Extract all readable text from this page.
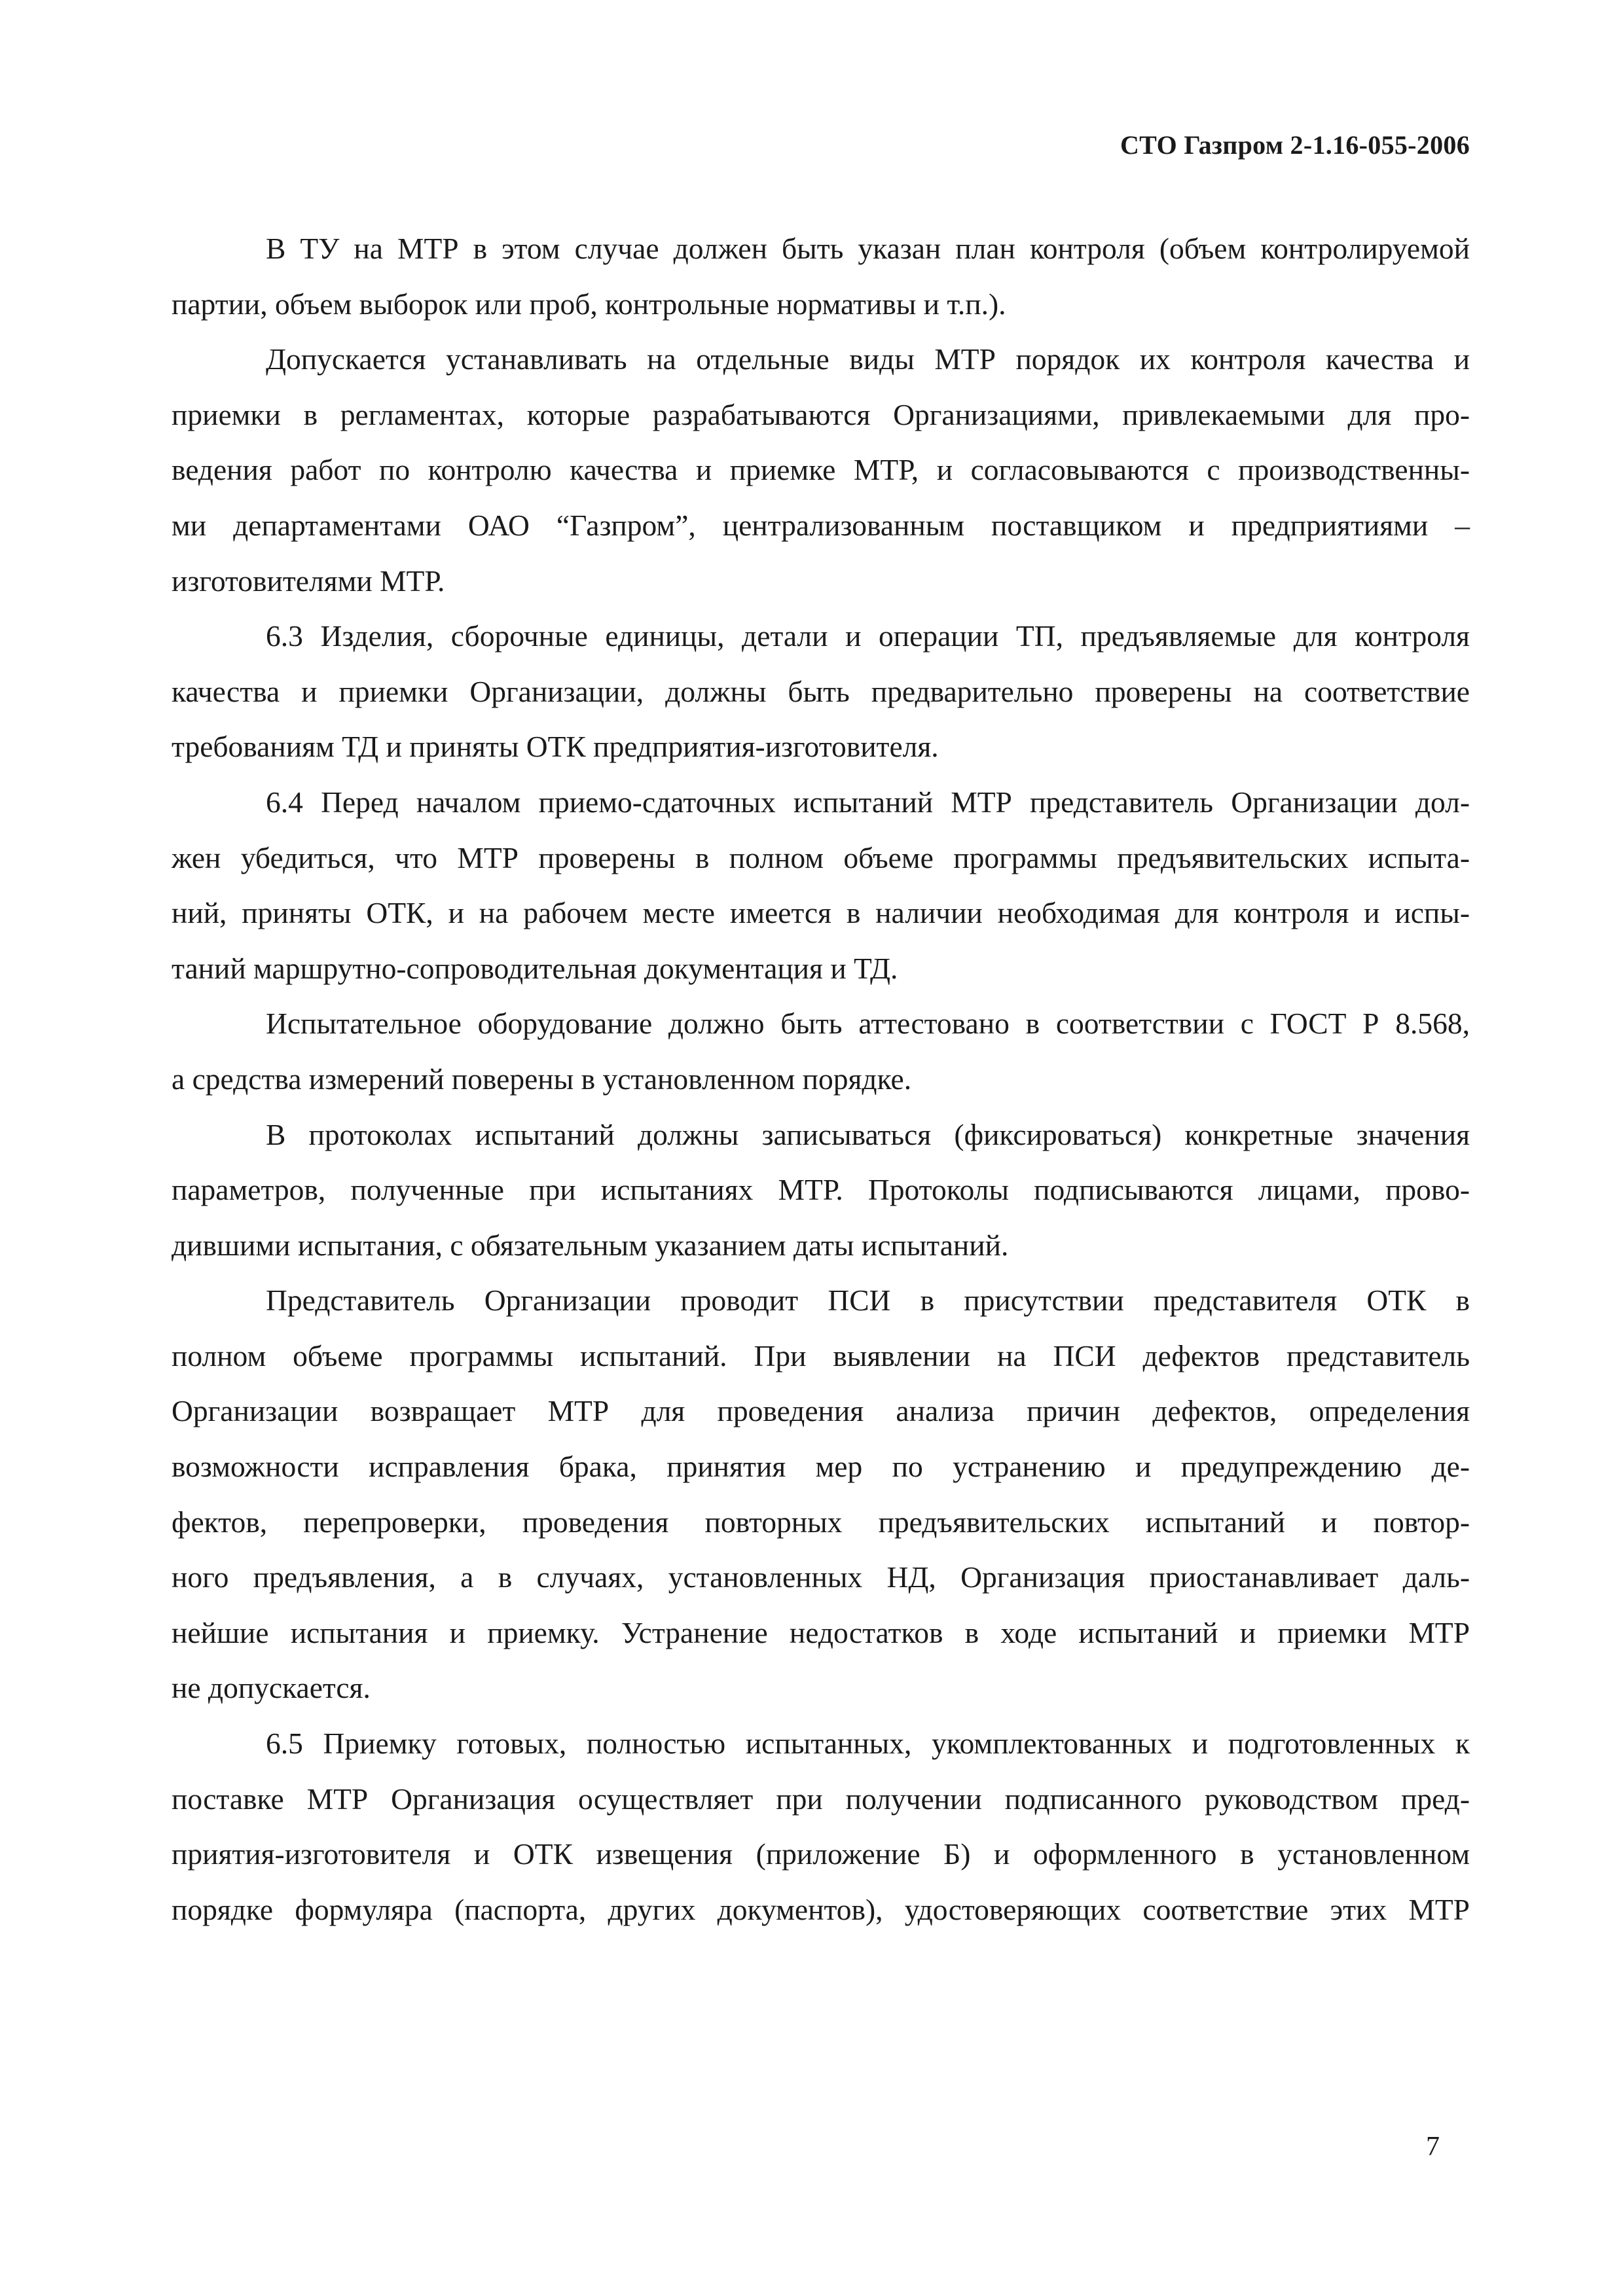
СТО Газпром 2-1.16-055-2006
В ТУ на МТР в этом случае должен быть указан план контроля (объем контролируемой
партии, объем выборок или проб, контрольные нормативы и т.п.).
Допускается устанавливать на отдельные виды МТР порядок их контроля качества и
приемки в регламентах, которые разрабатываются Организациями, привлекаемыми для про-
ведения работ по контролю качества и приемке МТР, и согласовываются с производственны-
ми департаментами ОАО “Газпром”, централизованным поставщиком и предприятиями –
изготовителями МТР.
6.3 Изделия, сборочные единицы, детали и операции ТП, предъявляемые для контроля
качества и приемки Организации, должны быть предварительно проверены на соответствие
требованиям ТД и приняты ОТК предприятия-изготовителя.
6.4 Перед началом приемо-сдаточных испытаний МТР представитель Организации дол-
жен убедиться, что МТР проверены в полном объеме программы предъявительских испыта-
ний, приняты ОТК, и на рабочем месте имеется в наличии необходимая для контроля и испы-
таний маршрутно-сопроводительная документация и ТД.
Испытательное оборудование должно быть аттестовано в соответствии с ГОСТ Р 8.568,
а средства измерений поверены в установленном порядке.
В протоколах испытаний должны записываться (фиксироваться) конкретные значения
параметров, полученные при испытаниях МТР. Протоколы подписываются лицами, прово-
дившими испытания, с обязательным указанием даты испытаний.
Представитель Организации проводит ПСИ в присутствии представителя ОТК в
полном объеме программы испытаний. При выявлении на ПСИ дефектов представитель
Организации возвращает МТР для проведения анализа причин дефектов, определения
возможности исправления брака, принятия мер по устранению и предупреждению де-
фектов, перепроверки, проведения повторных предъявительских испытаний и повтор-
ного предъявления, а в случаях, установленных НД, Организация приостанавливает даль-
нейшие испытания и приемку. Устранение недостатков в ходе испытаний и приемки МТР
не допускается.
6.5 Приемку готовых, полностью испытанных, укомплектованных и подготовленных к
поставке МТР Организация осуществляет при получении подписанного руководством пред-
приятия-изготовителя и ОТК извещения (приложение Б) и оформленного в установленном
порядке формуляра (паспорта, других документов), удостоверяющих соответствие этих МТР
7
